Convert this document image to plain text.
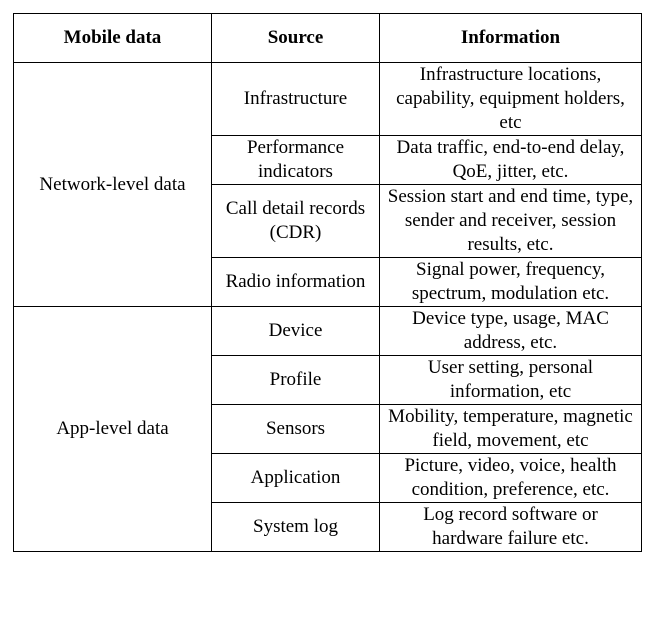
Mobile data	Source	Information
Network-level data	Infrastructure	Infrastructure locations, capability, equipment holders, etc
	Performance indicators	Data traffic, end-to-end delay, QoE, jitter, etc.
	Call detail records (CDR)	Session start and end time, type, sender and receiver, session results, etc.
	Radio information	Signal power, frequency, spectrum, modulation etc.
App-level data	Device	Device type, usage, MAC address, etc.
	Profile	User setting, personal information, etc
	Sensors	Mobility, temperature, magnetic field, movement, etc
	Application	Picture, video, voice, health condition, preference, etc.
	System log	Log record software or hardware failure etc.
